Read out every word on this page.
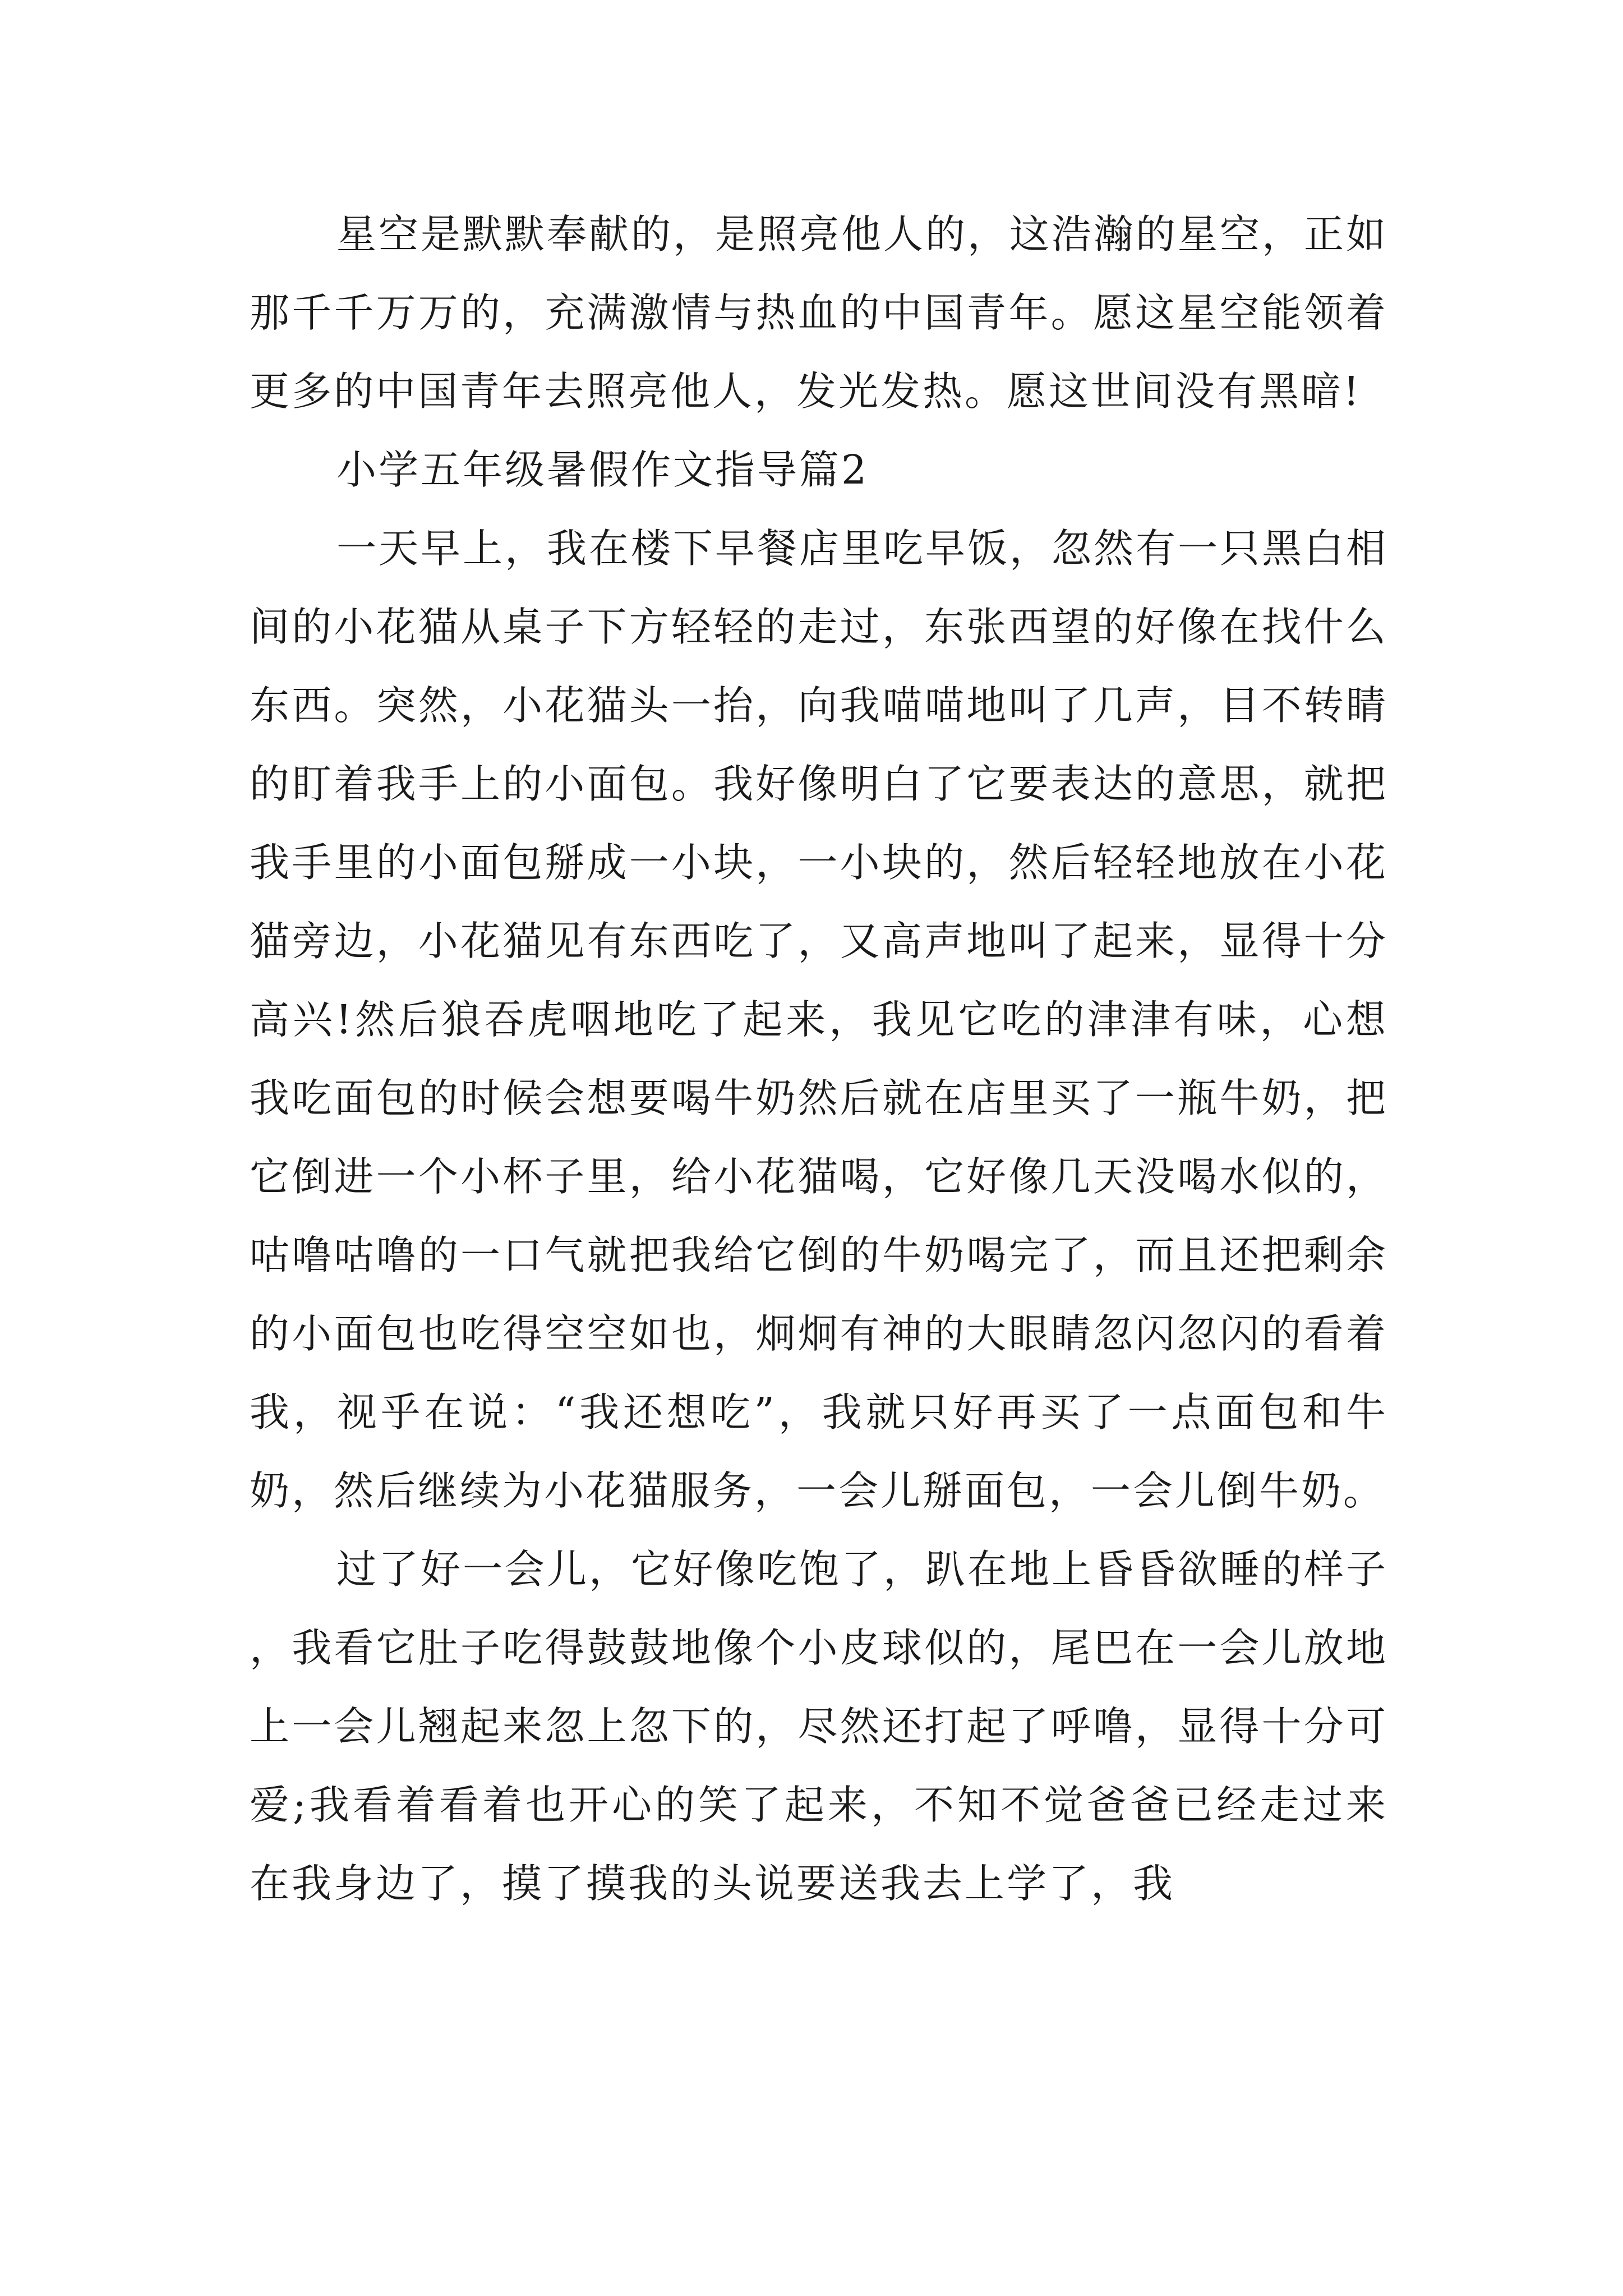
星空是默默奉献的，是照亮他人的，这浩瀚的星空，正如那千千万万的，充满激情与热血的中国青年。愿这星空能领着更多的中国青年去照亮他人，发光发热。愿这世间没有黑暗!

小学五年级暑假作文指导篇2

一天早上，我在楼下早餐店里吃早饭，忽然有一只黑白相间的小花猫从桌子下方轻轻的走过，东张西望的好像在找什么东西。突然，小花猫头一抬，向我喵喵地叫了几声，目不转睛的盯着我手上的小面包。我好像明白了它要表达的意思，就把我手里的小面包掰成一小块，一小块的，然后轻轻地放在小花猫旁边，小花猫见有东西吃了，又高声地叫了起来，显得十分高兴!然后狼吞虎咽地吃了起来，我见它吃的津津有味，心想我吃面包的时候会想要喝牛奶然后就在店里买了一瓶牛奶，把它倒进一个小杯子里，给小花猫喝，它好像几天没喝水似的，咕噜咕噜的一口气就把我给它倒的牛奶喝完了，而且还把剩余的小面包也吃得空空如也，炯炯有神的大眼睛忽闪忽闪的看着我，视乎在说：“我还想吃”，我就只好再买了一点面包和牛奶，然后继续为小花猫服务，一会儿掰面包，一会儿倒牛奶。

过了好一会儿，它好像吃饱了，趴在地上昏昏欲睡的样子，我看它肚子吃得鼓鼓地像个小皮球似的，尾巴在一会儿放地上一会儿翘起来忽上忽下的，尽然还打起了呼噜，显得十分可爱;我看着看着也开心的笑了起来，不知不觉爸爸已经走过来在我身边了，摸了摸我的头说要送我去上学了，我
